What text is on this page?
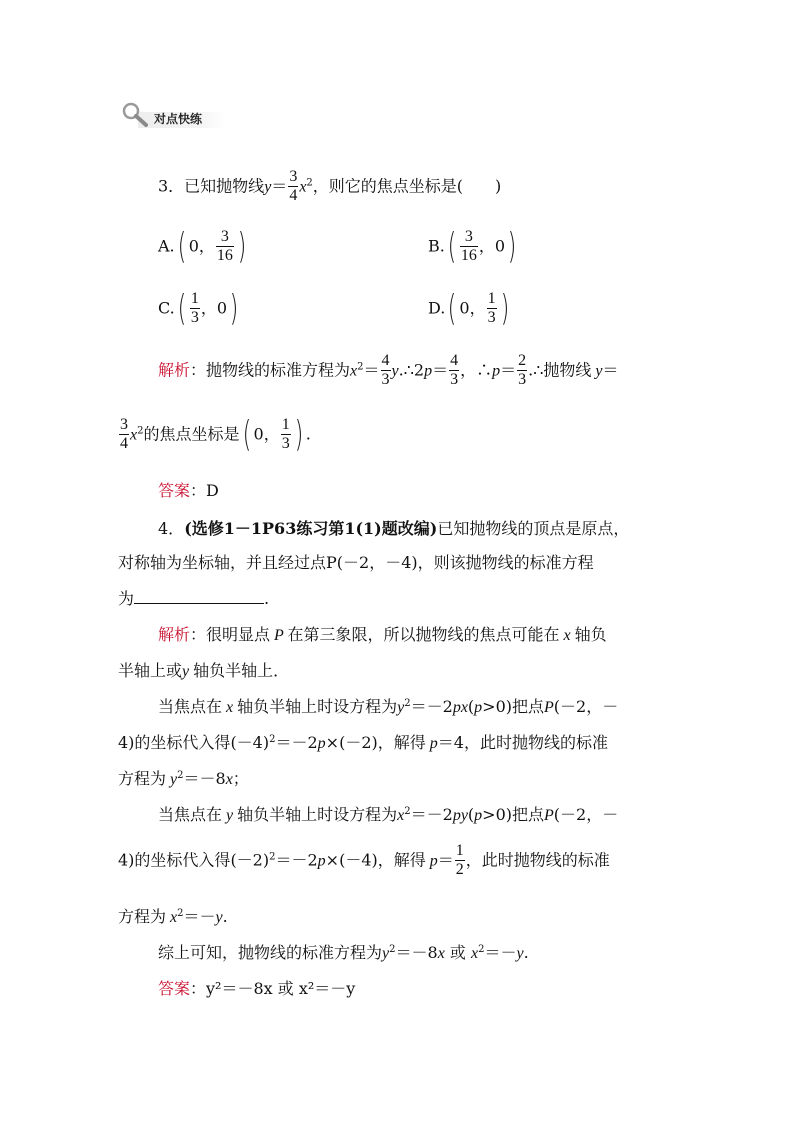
对点快练
3．已知抛物线$y= \frac{3}{4} x^2$，则它的焦点坐标是(　　)
A.( 0， $\frac{3}{16}$ )	$B.( \frac{3}{16}$ ，0)
$C.( \frac{1}{3}$ ，0)	D.( 0， $\frac{1}{3}$ )
解析：抛物线的标准方程为$x^2= \frac{4}{3}$ y.∴2p＝ $\frac{4}{3}$ ，∴p＝ $\frac{2}{3}$ .∴抛物线 y＝
$\frac{3}{4} x^2$的焦点坐标是( 0， $\frac{1}{3}$ ) .
答案：D
4．(选修1－1P63练习第1(1)题改编)已知抛物线的顶点是原点，
对称轴为坐标轴，并且经过点P(－2，－4)，则该抛物线的标准方程
为	.
解析：很明显点 P 在第三象限，所以抛物线的焦点可能在 x 轴负
半轴上或y 轴负半轴上．
当焦点在 x 轴负半轴上时设方程为$y^2=-2px(p>0)$把点P(－2，－
4)的坐标代入得$(-4)^2=-2p\times(-2)$，解得 p＝4，此时抛物线的标准
方程为 $y^2=-8x$；
当焦点在 y 轴负半轴上时设方程为$x^2=-2py(p>0)$把点P(－2，－
4)的坐标代入得$(-2)^2=-2p\times(-4)$，解得 $p= \frac{1}{2}$ ，此时抛物线的标准
方程为 $x^2=-y$.
综上可知，抛物线的标准方程为$y^2=-8x$ 或 $x^2=-y$.
答案：y²＝－8x 或 x²＝－y
